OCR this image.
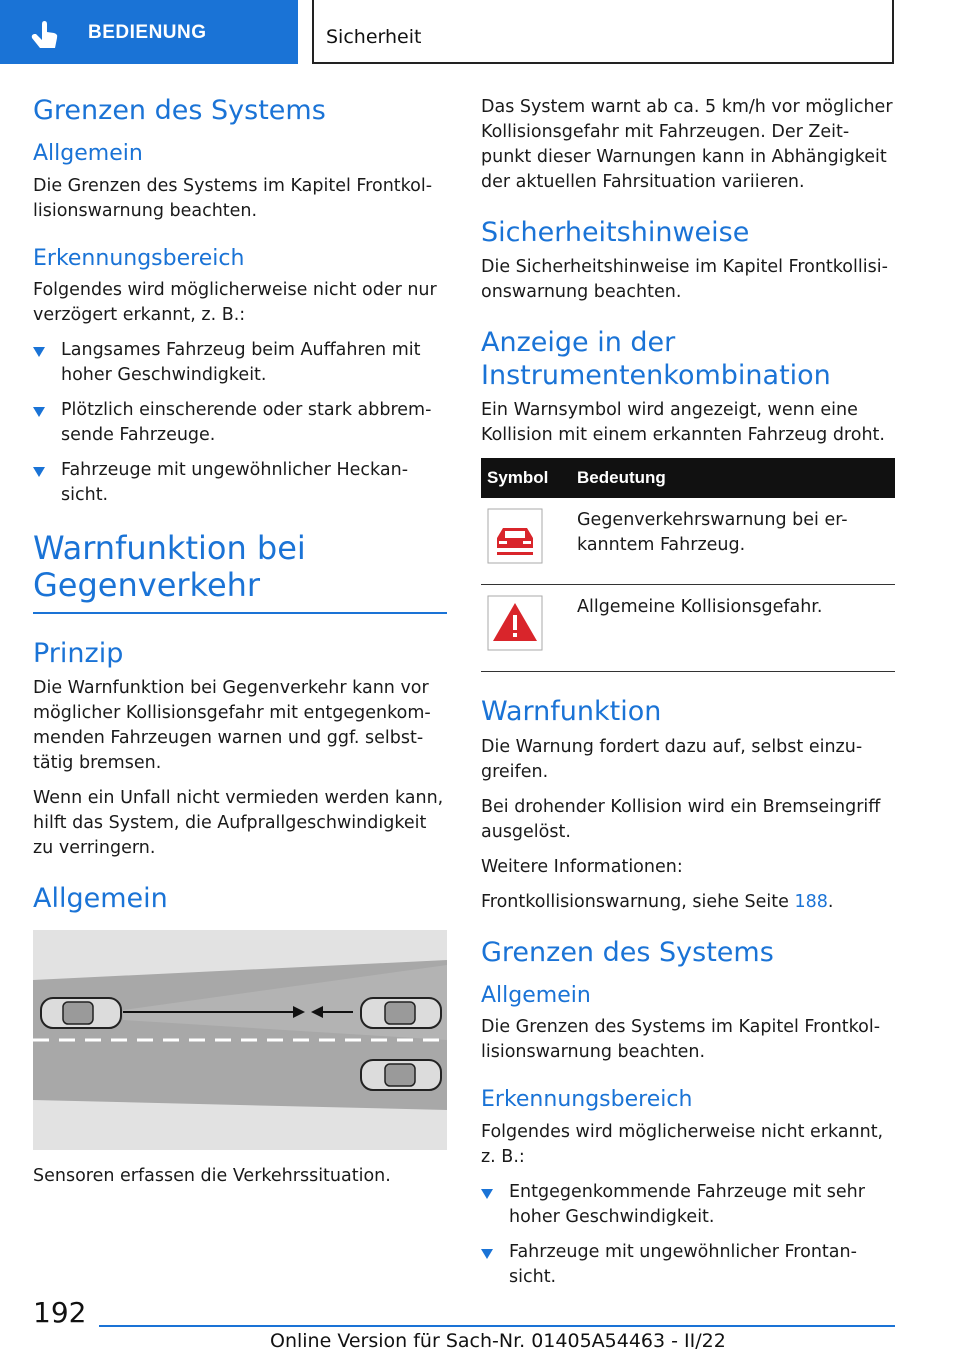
BEDIENUNG	Sicherheit
Grenzen des Systems
Allgemein

Die Grenzen des Systems im Kapitel Frontkol-lisionswarnung beachten.

Erkennungsbereich

Folgendes wird möglicherweise nicht oder nur verzögert erkannt, z. B.:

Langsames Fahrzeug beim Auffahren mit hoher Geschwindigkeit.
Plötzlich einscherende oder stark abbrem-sende Fahrzeuge.
Fahrzeuge mit ungewöhnlicher Heckan-sicht.
Warnfunktion bei Gegenverkehr
Prinzip

Die Warnfunktion bei Gegenverkehr kann vor möglicher Kollisionsgefahr mit entgegenkom-menden Fahrzeugen warnen und ggf. selbst-tätig bremsen.

Wenn ein Unfall nicht vermieden werden kann, hilft das System, die Aufprallgeschwindigkeit zu verringern.

Allgemein

Sensoren erfassen die Verkehrssituation.

Das System warnt ab ca. 5 km/h vor möglicher Kollisionsgefahr mit Fahrzeugen. Der Zeit-punkt dieser Warnungen kann in Abhängigkeit der aktuellen Fahrsituation variieren.

Sicherheitshinweise

Die Sicherheitshinweise im Kapitel Frontkollisi-onswarnung beachten.

Anzeige in der Instrumentenkombination

Ein Warnsymbol wird angezeigt, wenn eine Kollision mit einem erkannten Fahrzeug droht.

Symbol	Bedeutung
	Gegenverkehrswarnung bei er-kanntem Fahrzeug.
	Allgemeine Kollisionsgefahr.
Warnfunktion

Die Warnung fordert dazu auf, selbst einzu-greifen.

Bei drohender Kollision wird ein Bremseingriff ausgelöst.

Weitere Informationen:

Frontkollisionswarnung, siehe Seite 188.

Grenzen des Systems
Allgemein

Die Grenzen des Systems im Kapitel Frontkol-lisionswarnung beachten.

Erkennungsbereich

Folgendes wird möglicherweise nicht erkannt, z. B.:

Entgegenkommende Fahrzeuge mit sehr hoher Geschwindigkeit.
Fahrzeuge mit ungewöhnlicher Frontan-sicht.
192
Online Version für Sach-Nr. 01405A54463 - II/22
